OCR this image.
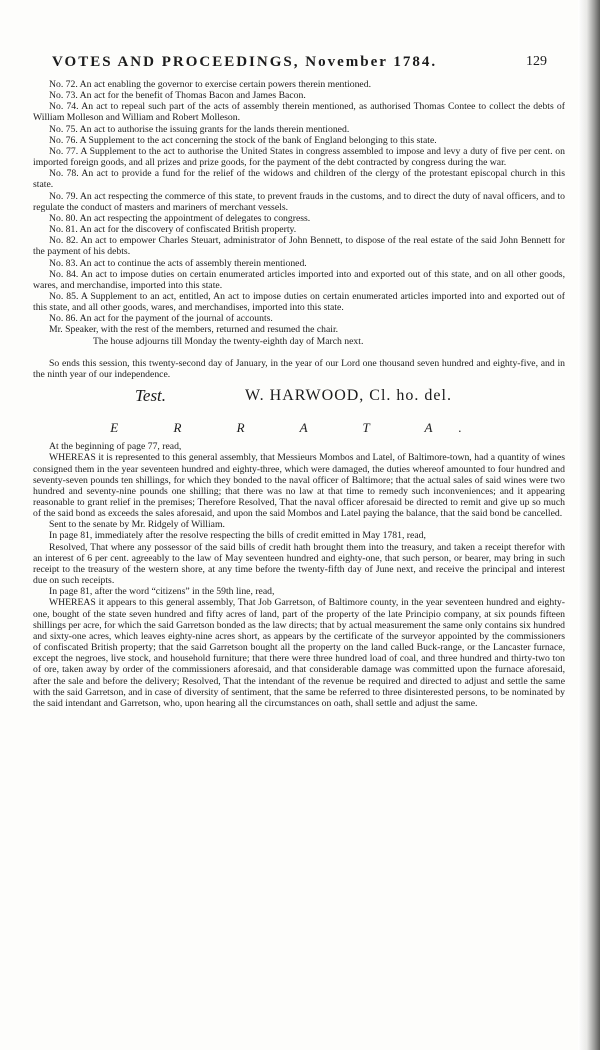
VOTES AND PROCEEDINGS, November 1784.	129

No. 72. An act enabling the governor to exercise certain powers therein mentioned.

No. 73. An act for the benefit of Thomas Bacon and James Bacon.

No. 74. An act to repeal such part of the acts of assembly therein mentioned, as authorised Thomas Contee to collect the debts of William Molleson and William and Robert Molleson.

No. 75. An act to authorise the issuing grants for the lands therein mentioned.

No. 76. A Supplement to the act concerning the stock of the bank of England belonging to this state.

No. 77. A Supplement to the act to authorise the United States in congress assembled to impose and levy a duty of five per cent. on imported foreign goods, and all prizes and prize goods, for the payment of the debt contracted by congress during the war.

No. 78. An act to provide a fund for the relief of the widows and children of the clergy of the protestant episcopal church in this state.

No. 79. An act respecting the commerce of this state, to prevent frauds in the customs, and to direct the duty of naval officers, and to regulate the conduct of masters and mariners of merchant vessels.

No. 80. An act respecting the appointment of delegates to congress.

No. 81. An act for the discovery of confiscated British property.

No. 82. An act to empower Charles Steuart, administrator of John Bennett, to dispose of the real estate of the said John Bennett for the payment of his debts.

No. 83. An act to continue the acts of assembly therein mentioned.

No. 84. An act to impose duties on certain enumerated articles imported into and exported out of this state, and on all other goods, wares, and merchandise, imported into this state.

No. 85. A Supplement to an act, entitled, An act to impose duties on certain enumerated articles imported into and exported out of this state, and all other goods, wares, and merchandises, imported into this state.

No. 86. An act for the payment of the journal of accounts.

Mr. Speaker, with the rest of the members, returned and resumed the chair.

The house adjourns till Monday the twenty-eighth day of March next.

So ends this session, this twenty-second day of January, in the year of our Lord one thousand seven hundred and eighty-five, and in the ninth year of our independence.

Test.	W. HARWOOD, Cl. ho. del.
E R R A T A.

At the beginning of page 77, read,

WHEREAS it is represented to this general assembly, that Messieurs Mombos and Latel, of Baltimore-town, had a quantity of wines consigned them in the year seventeen hundred and eighty-three, which were damaged, the duties whereof amounted to four hundred and seventy-seven pounds ten shillings, for which they bonded to the naval officer of Baltimore; that the actual sales of said wines were two hundred and seventy-nine pounds one shilling; that there was no law at that time to remedy such inconveniences; and it appearing reasonable to grant relief in the premises; Therefore Resolved, That the naval officer aforesaid be directed to remit and give up so much of the said bond as exceeds the sales aforesaid, and upon the said Mombos and Latel paying the balance, that the said bond be cancelled.

Sent to the senate by Mr. Ridgely of William.

In page 81, immediately after the resolve respecting the bills of credit emitted in May 1781, read,

Resolved, That where any possessor of the said bills of credit hath brought them into the treasury, and taken a receipt therefor with an interest of 6 per cent. agreeably to the law of May seventeen hundred and eighty-one, that such person, or bearer, may bring in such receipt to the treasury of the western shore, at any time before the twenty-fifth day of June next, and receive the principal and interest due on such receipts.

In page 81, after the word “citizens” in the 59th line, read,

WHEREAS it appears to this general assembly, That Job Garretson, of Baltimore county, in the year seventeen hundred and eighty-one, bought of the state seven hundred and fifty acres of land, part of the property of the late Principio company, at six pounds fifteen shillings per acre, for which the said Garretson bonded as the law directs; that by actual measurement the same only contains six hundred and sixty-one acres, which leaves eighty-nine acres short, as appears by the certificate of the surveyor appointed by the commissioners of confiscated British property; that the said Garretson bought all the property on the land called Buck-range, or the Lancaster furnace, except the negroes, live stock, and household furniture; that there were three hundred load of coal, and three hundred and thirty-two ton of ore, taken away by order of the commissioners aforesaid, and that considerable damage was committed upon the furnace aforesaid, after the sale and before the delivery; Resolved, That the intendant of the revenue be required and directed to adjust and settle the same with the said Garretson, and in case of diversity of sentiment, that the same be referred to three disinterested persons, to be nominated by the said intendant and Garretson, who, upon hearing all the circumstances on oath, shall settle and adjust the same.
